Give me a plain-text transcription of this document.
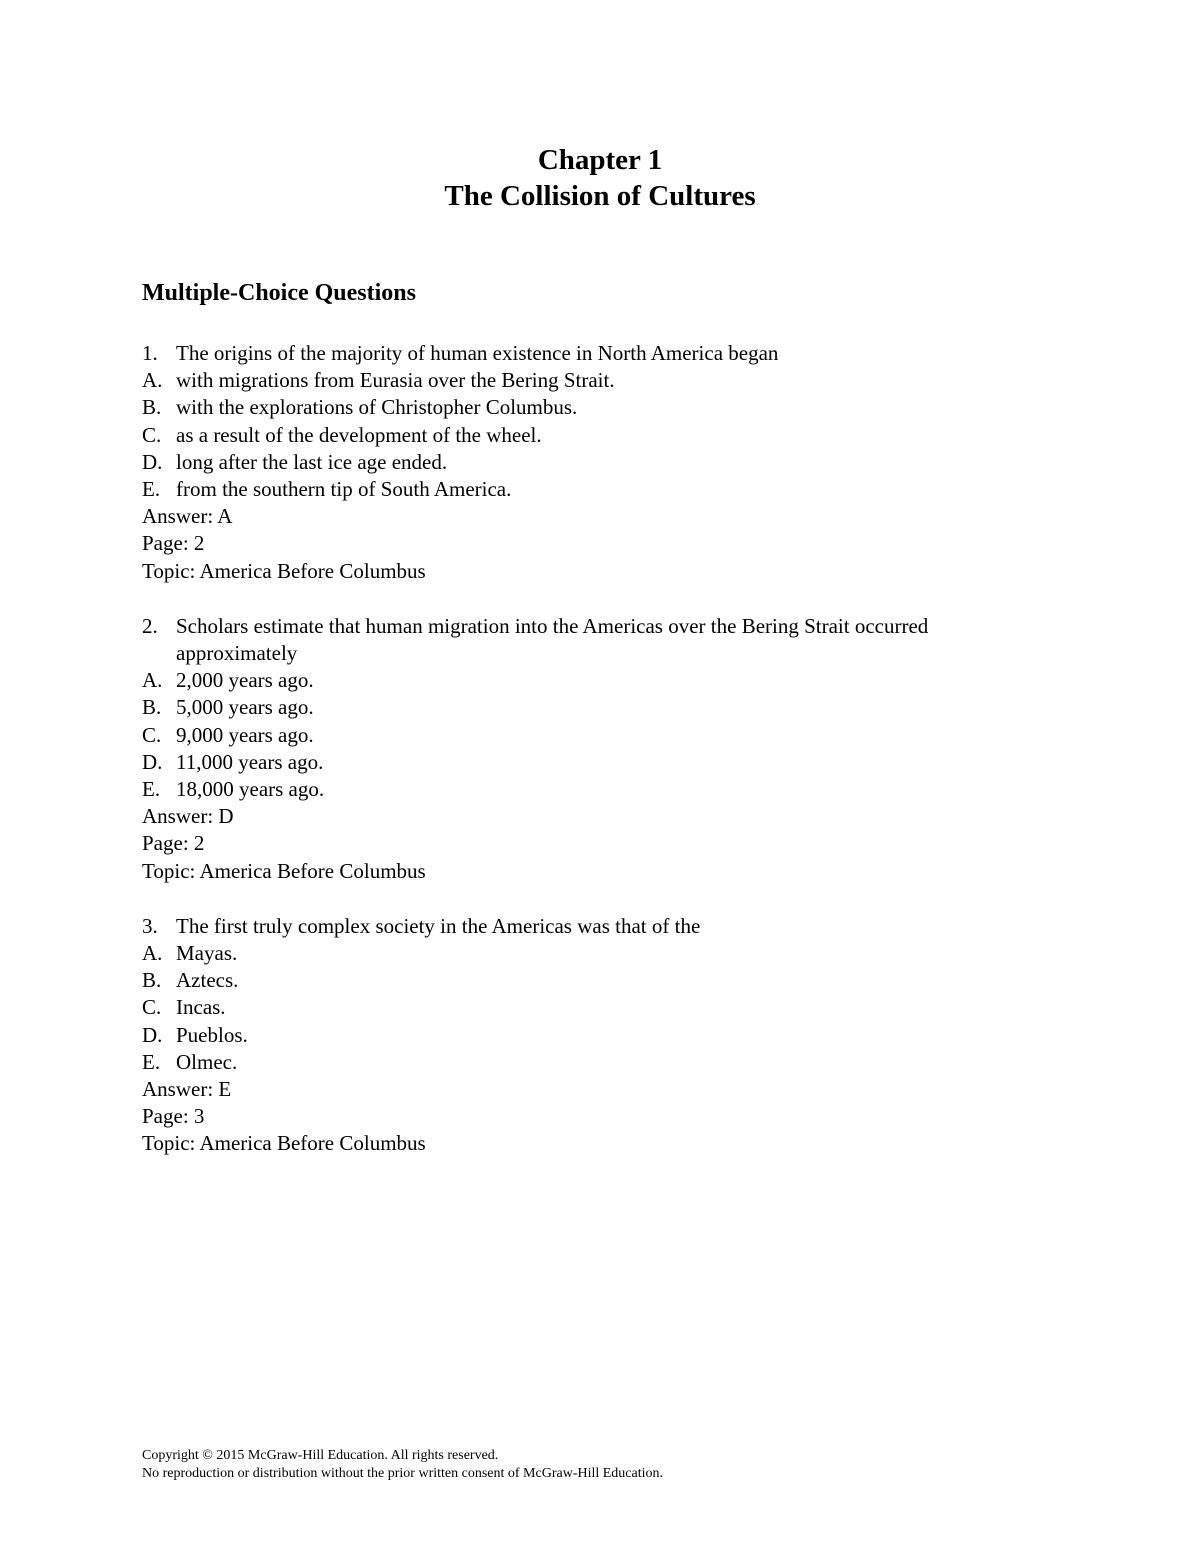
Chapter 1
The Collision of Cultures
Multiple-Choice Questions
1. The origins of the majority of human existence in North America began
A. with migrations from Eurasia over the Bering Strait.
B. with the explorations of Christopher Columbus.
C. as a result of the development of the wheel.
D. long after the last ice age ended.
E. from the southern tip of South America.
Answer: A
Page: 2
Topic: America Before Columbus
2. Scholars estimate that human migration into the Americas over the Bering Strait occurred approximately
A. 2,000 years ago.
B. 5,000 years ago.
C. 9,000 years ago.
D. 11,000 years ago.
E. 18,000 years ago.
Answer: D
Page: 2
Topic: America Before Columbus
3. The first truly complex society in the Americas was that of the
A. Mayas.
B. Aztecs.
C. Incas.
D. Pueblos.
E. Olmec.
Answer: E
Page: 3
Topic: America Before Columbus
Copyright © 2015 McGraw-Hill Education. All rights reserved.
No reproduction or distribution without the prior written consent of McGraw-Hill Education.
